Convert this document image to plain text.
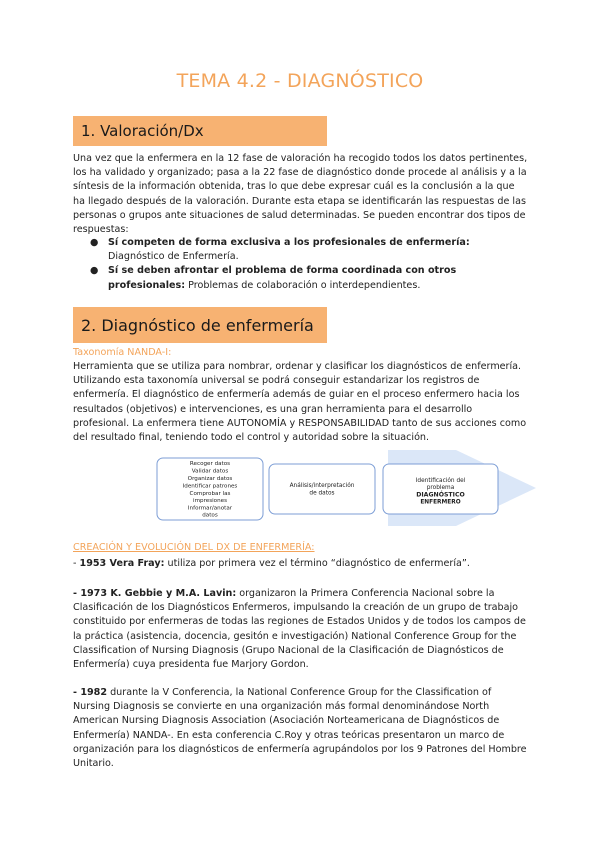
TEMA 4.2 - DIAGNÓSTICO
1. Valoración/Dx
Una vez que la enfermera en la 12 fase de valoración ha recogido todos los datos pertinentes, los ha validado y organizado; pasa a la 22 fase de diagnóstico donde procede al análisis y a la síntesis de la información obtenida, tras lo que debe expresar cuál es la conclusión a la que ha llegado después de la valoración. Durante esta etapa se identificarán las respuestas de las personas o grupos ante situaciones de salud determinadas. Se pueden encontrar dos tipos de respuestas:
● Sí competen de forma exclusiva a los profesionales de enfermería: Diagnóstico de Enfermería.
● Sí se deben afrontar el problema de forma coordinada con otros profesionales: Problemas de colaboración o interdependientes.
2. Diagnóstico de enfermería
Taxonomía NANDA-I:
Herramienta que se utiliza para nombrar, ordenar y clasificar los diagnósticos de enfermería. Utilizando esta taxonomía universal se podrá conseguir estandarizar los registros de enfermería. El diagnóstico de enfermería además de guiar en el proceso enfermero hacia los resultados (objetivos) e intervenciones, es una gran herramienta para el desarrollo profesional. La enfermera tiene AUTONOMÍA y RESPONSABILIDAD tanto de sus acciones como del resultado final, teniendo todo el control y autoridad sobre la situación.
Recoger datos
Validar datos
Organizar datos
Identificar patrones
Comprobar las
impresiones
Informar/anotar
datos
Análisis/interpretación
de datos
Identificación del
problema
DIAGNÓSTICO
ENFERMERO
CREACIÓN Y EVOLUCIÓN DEL DX DE ENFERMERÍA:
- 1953 Vera Fray: utiliza por primera vez el término “diagnóstico de enfermería”.
- 1973 K. Gebbie y M.A. Lavin: organizaron la Primera Conferencia Nacional sobre la Clasificación de los Diagnósticos Enfermeros, impulsando la creación de un grupo de trabajo constituido por enfermeras de todas las regiones de Estados Unidos y de todos los campos de la práctica (asistencia, docencia, gesitón e investigación) National Conference Group for the Classification of Nursing Diagnosis (Grupo Nacional de la Clasificación de Diagnósticos de Enfermería) cuya presidenta fue Marjory Gordon.
- 1982 durante la V Conferencia, la National Conference Group for the Classification of Nursing Diagnosis se convierte en una organización más formal denominándose North American Nursing Diagnosis Association (Asociación Norteamericana de Diagnósticos de Enfermería) NANDA-. En esta conferencia C.Roy y otras teóricas presentaron un marco de organización para los diagnósticos de enfermería agrupándolos por los 9 Patrones del Hombre Unitario.
